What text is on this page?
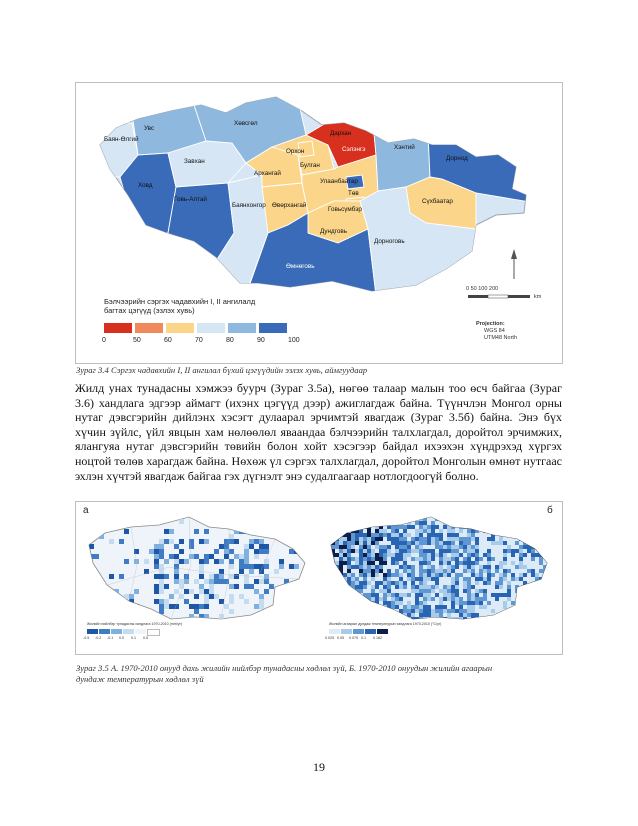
Увс
Хөвсгөл
Баян-Өлгий
Дархан
Орхон	Сэлэнгэ	Хэнтий
Дорнод
Завхан
Булган
Архангай
Улаанбаатар
Ховд
Төв
Сүхбаатар
Говь-Алтай
Баянхонгор Өвөрхангай
Говьсүмбэр
Дундговь
Дорноговь
Өмнөговь
0 50 100 200
km
Projection:
WGS 84
UTM48 North
Бэлчээрийн сэргэх чадавхийн I, II ангилалд
багтах цэгүүд (эзлэх хувь)
0	50	60	70	80	90	100
Зураг 3.4 Сэргэх чадавхийн I, II ангилал бүхий цэгүүдийн эзлэх хувь, аймгуудаар
Жилд унах тунадасны хэмжээ буурч (Зураг 3.5а), нөгөө талаар малын тоо өсч байгаа (Зураг 3.6) хандлага эдгээр аймагт (ихэнх цэгүүд дээр) ажиглагдаж байна. Түүнчлэн Монгол орны нутаг дэвсгэрийн дийлэнх хэсэгт дулаарал эрчимтэй явагдаж (Зураг 3.5б) байна. Энэ бүх хүчин зүйлс, үйл явцын хам нөлөөлөл яваандаа бэлчээрийн талхлагдал, доройтол эрчимжих, ялангуяа нутаг дэвсгэрийн төвийн болон хойт хэсэгээр байдал ихээхэн хүндрэхэд хүргэх ноцтой төлөв харагдаж байна. Нөхөж үл сэргэх талхлагдал, доройтол Монголын өмнөт нутгаас эхлэн хүчтэй явагдаж байгаа гэх дүгнэлт энэ судалгаагаар нотлогдоогүй болно.
а
Жилийн нийлбэр тунадасны хандлага 1970-2010 (mm/yr)
-0.5 -0.2 -0.1 0.0 0.1 0.5
б
Жилийн агаарын дундаж температурын хандлага 1970-2010 (°C/yr)
0.025 0.05 0.075 0.1 0.162
Зураг 3.5 А. 1970-2010 онууд дахь жилийн нийлбэр тунадасны хөдлөл зүй, Б. 1970-2010 онуудын жилийн агаарын
дундаж температурын хөдлөл зүй
19
